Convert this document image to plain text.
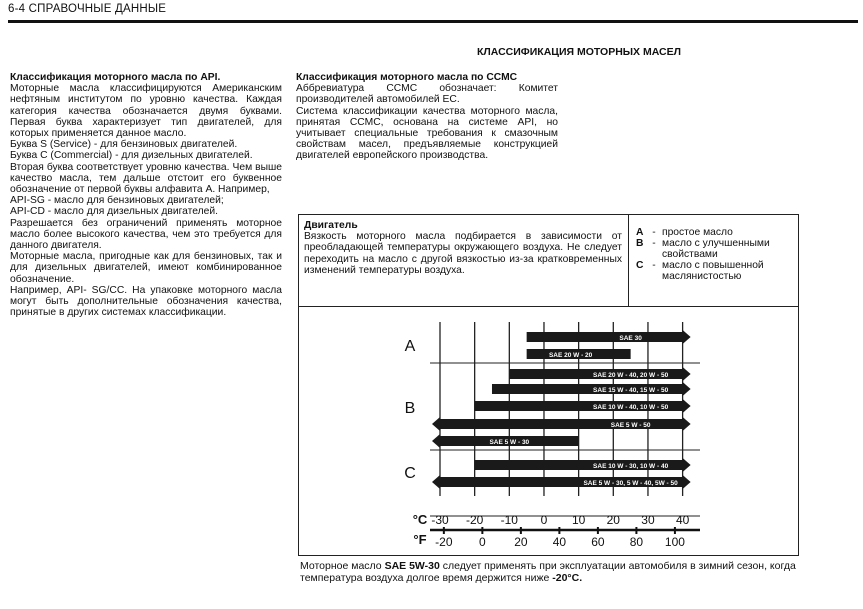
6-4 СПРАВОЧНЫЕ ДАННЫЕ
КЛАССИФИКАЦИЯ МОТОРНЫХ МАСЕЛ

Классификация моторного масла по API.

Моторные масла классифицируются Американским нефтяным институтом по уровню качества. Каждая категория качества обозначается двумя буквами. Первая буква характеризует тип двигателей, для которых применяется данное масло.

Буква S (Service) - для бензиновых двигателей.

Буква C (Commercial) - для дизельных двигателей.

Вторая буква соответствует уровню качества. Чем выше качество масла, тем дальше отстоит его буквенное обозначение от первой буквы алфавита А. Например,

API-SG - масло для бензиновых двигателей;

API-CD - масло для дизельных двигателей.

Разрешается без ограничений применять моторное масло более высокого качества, чем это требуется для данного двигателя.

Моторные масла, пригодные как для бензиновых, так и для дизельных двигателей, имеют комбинированное обозначение.

Например, API- SG/CC. На упаковке моторного масла могут быть дополнительные обозначения качества, принятые в других системах классификации.

Классификация моторного масла по ССМС

Аббревиатура ССМС обозначает: Комитет производителей автомобилей ЕС.

Система классификации качества моторного масла, принятая ССМС, основана на системе API, но учитывает специальные требования к смазочным свойствам масел, предъявляемые конструкцией двигателей европейского производства.

Двигатель
Вязкость моторного масла подбирается в зависимости от преобладающей температуры окружающего воздуха. Не следует переходить на масло с другой вязкостью из-за кратковременных изменений температуры воздуха.
A - простое масло
B - масло с улучшенными свойствами
C - масло с повышенной маслянистостью
A
B
C
SAE 30
SAE 20 W - 20
SAE 20 W - 40, 20 W - 50
SAE 15 W - 40, 15 W - 50
SAE 10 W - 40, 10 W - 50
SAE 5 W - 50
SAE 5 W - 30
SAE 10 W - 30, 10 W - 40
SAE 5 W - 30, 5 W - 40, 5W - 50
°C -30 -20 -10 0 10 20 30 40
°F -20 0 20 40 60 80 100
Моторное масло SAE 5W-30 следует применять при эксплуатации автомобиля в зимний сезон, когда температура воздуха долгое время держится ниже -20°C.
